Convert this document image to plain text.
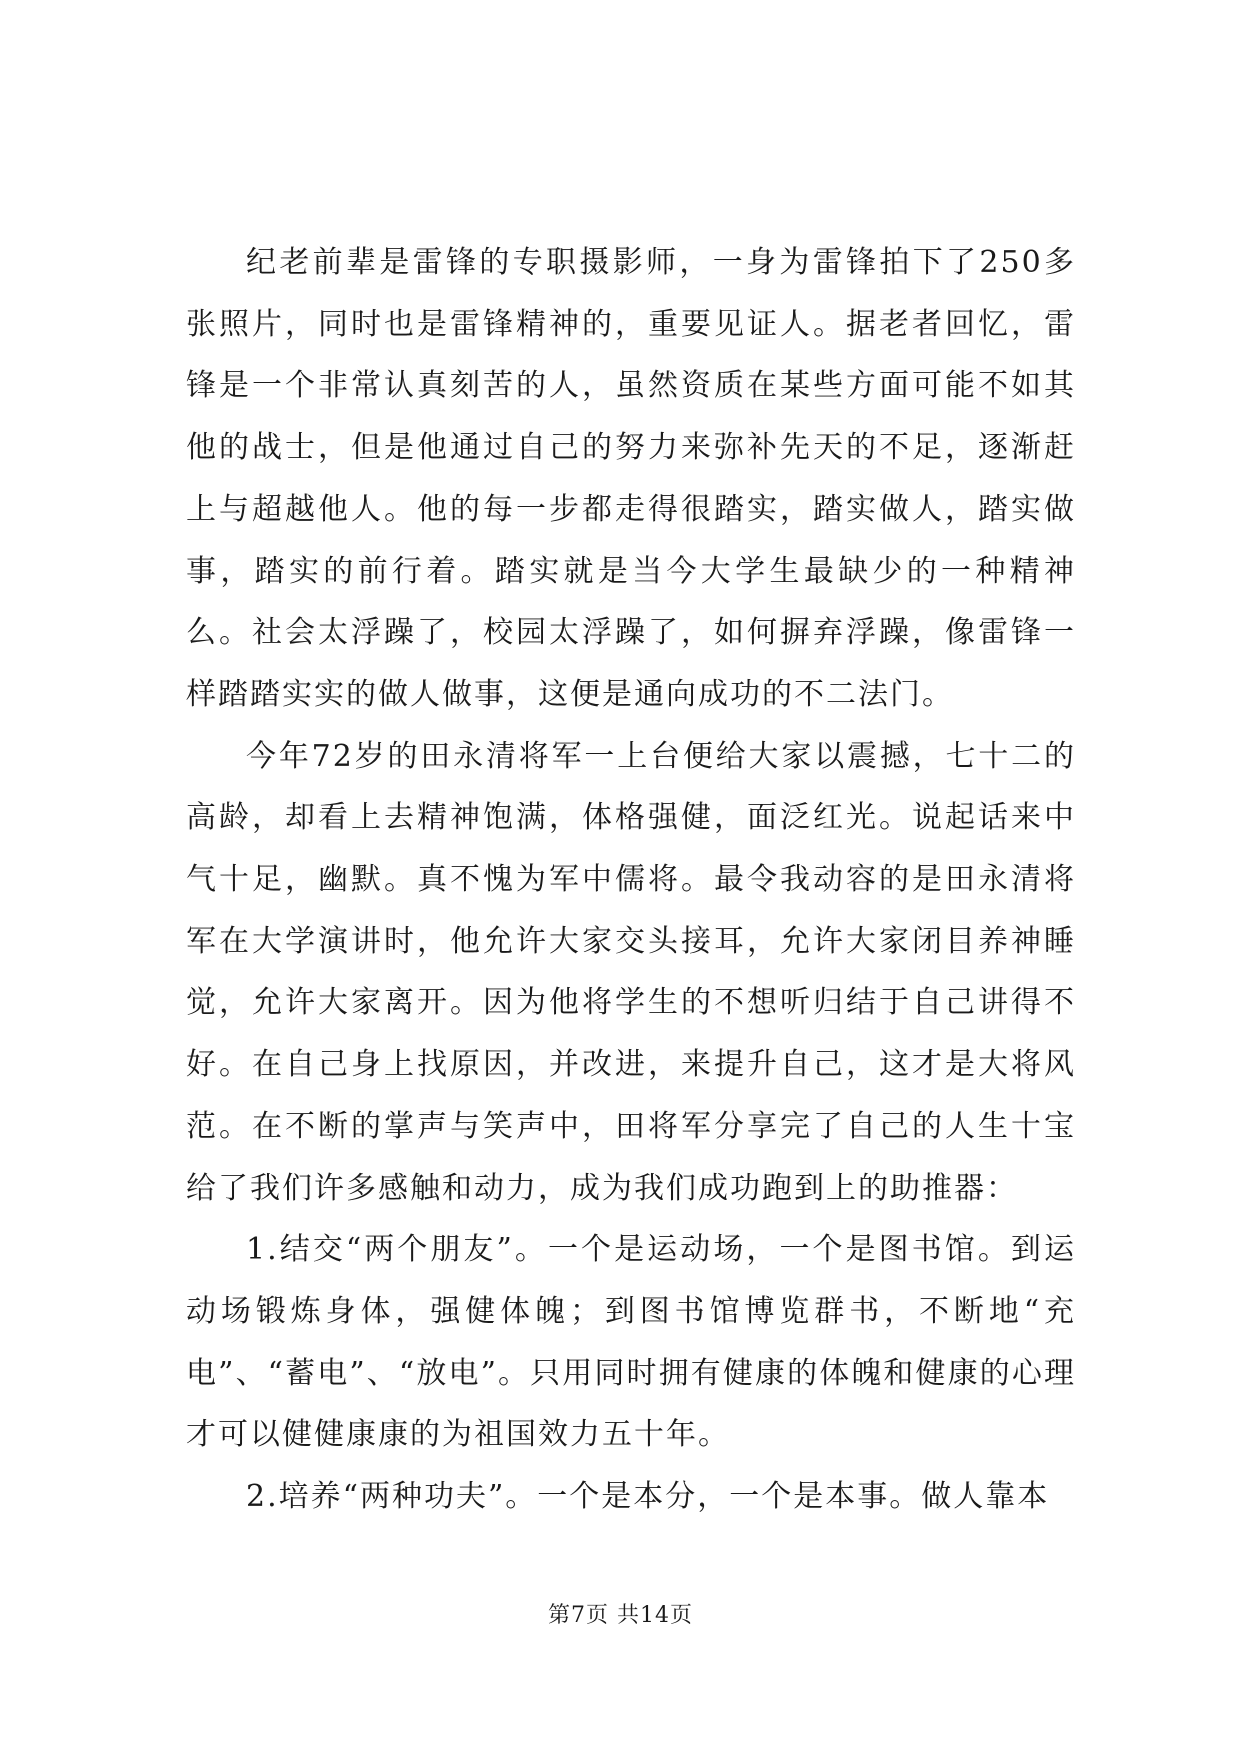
纪老前辈是雷锋的专职摄影师，一身为雷锋拍下了250多张照片，同时也是雷锋精神的，重要见证人。据老者回忆，雷锋是一个非常认真刻苦的人，虽然资质在某些方面可能不如其他的战士，但是他通过自己的努力来弥补先天的不足，逐渐赶上与超越他人。他的每一步都走得很踏实，踏实做人，踏实做事，踏实的前行着。踏实就是当今大学生最缺少的一种精神么。社会太浮躁了，校园太浮躁了，如何摒弃浮躁，像雷锋一样踏踏实实的做人做事，这便是通向成功的不二法门。

今年72岁的田永清将军一上台便给大家以震撼，七十二的高龄，却看上去精神饱满，体格强健，面泛红光。说起话来中气十足，幽默。真不愧为军中儒将。最令我动容的是田永清将军在大学演讲时，他允许大家交头接耳，允许大家闭目养神睡觉，允许大家离开。因为他将学生的不想听归结于自己讲得不好。在自己身上找原因，并改进，来提升自己，这才是大将风范。在不断的掌声与笑声中，田将军分享完了自己的人生十宝给了我们许多感触和动力，成为我们成功跑到上的助推器：

1.结交“两个朋友”。一个是运动场，一个是图书馆。到运动场锻炼身体，强健体魄；到图书馆博览群书，不断地“充电”、“蓄电”、“放电”。只用同时拥有健康的体魄和健康的心理才可以健健康康的为祖国效力五十年。

2.培养“两种功夫”。一个是本分，一个是本事。做人靠本

第7页 共14页
